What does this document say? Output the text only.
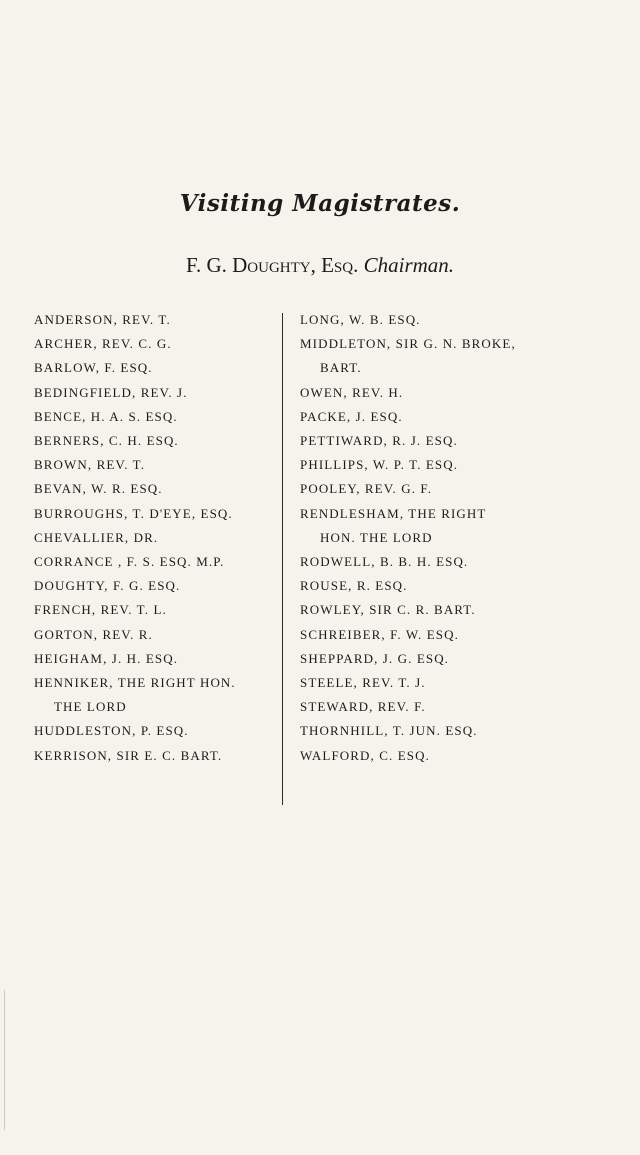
Visiting Magistrates.
F. G. Doughty, Esq. Chairman.
ANDERSON, REV. T.
ARCHER, REV. C. G.
BARLOW, F. ESQ.
BEDINGFIELD, REV. J.
BENCE, H. A. S. ESQ.
BERNERS, C. H. ESQ.
BROWN, REV. T.
BEVAN, W. R. ESQ.
BURROUGHS, T. D'EYE, ESQ.
CHEVALLIER, DR.
CORRANCE , F. S. ESQ. M.P.
DOUGHTY, F. G. ESQ.
FRENCH, REV. T. L.
GORTON, REV. R.
HEIGHAM, J. H. ESQ.
HENNIKER, THE RIGHT HON.
THE LORD
HUDDLESTON, P. ESQ.
KERRISON, SIR E. C. BART.
LONG, W. B. ESQ.
MIDDLETON, SIR G. N. BROKE,
BART.
OWEN, REV. H.
PACKE, J. ESQ.
PETTIWARD, R. J. ESQ.
PHILLIPS, W. P. T. ESQ.
POOLEY, REV. G. F.
RENDLESHAM, THE RIGHT
HON. THE LORD
RODWELL, B. B. H. ESQ.
ROUSE, R. ESQ.
ROWLEY, SIR C. R. BART.
SCHREIBER, F. W. ESQ.
SHEPPARD, J. G. ESQ.
STEELE, REV. T. J.
STEWARD, REV. F.
THORNHILL, T. JUN. ESQ.
WALFORD, C. ESQ.
